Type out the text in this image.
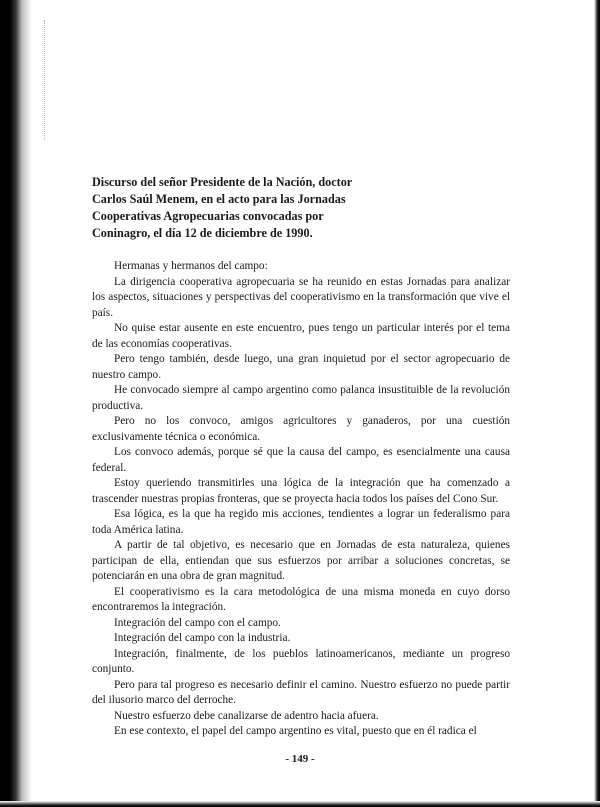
Discurso del señor Presidente de la Nación, doctor
Carlos Saúl Menem, en el acto para las Jornadas
Cooperativas Agropecuarias convocadas por
Coninagro, el día 12 de diciembre de 1990.

Hermanas y hermanos del campo:

La dirigencia cooperativa agropecuaria se ha reunido en estas Jornadas para analizar los aspectos, situaciones y perspectivas del cooperativismo en la transformación que vive el país.

No quise estar ausente en este encuentro, pues tengo un particular interés por el tema de las economías cooperativas.

Pero tengo también, desde luego, una gran inquietud por el sector agropecuario de nuestro campo.

He convocado siempre al campo argentino como palanca insustituible de la revolución productiva.

Pero no los convoco, amigos agricultores y ganaderos, por una cuestión exclusivamente técnica o económica.

Los convoco además, porque sé que la causa del campo, es esencialmente una causa federal.

Estoy queriendo transmitirles una lógica de la integración que ha comenzado a trascender nuestras propias fronteras, que se proyecta hacia todos los países del Cono Sur.

Esa lógica, es la que ha regido mis acciones, tendientes a lograr un federalismo para toda América latina.

A partir de tal objetivo, es necesario que en Jornadas de esta naturaleza, quienes participan de ella, entiendan que sus esfuerzos por arribar a soluciones concretas, se potenciarán en una obra de gran magnitud.

El cooperativismo es la cara metodológica de una misma moneda en cuyo dorso encontraremos la integración.

Integración del campo con el campo.

Integración del campo con la industria.

Integración, finalmente, de los pueblos latinoamericanos, mediante un progreso conjunto.

Pero para tal progreso es necesario definir el camino. Nuestro esfuerzo no puede partir del ilusorio marco del derroche.

Nuestro esfuerzo debe canalizarse de adentro hacia afuera.

En ese contexto, el papel del campo argentino es vital, puesto que en él radica el

- 149 -
